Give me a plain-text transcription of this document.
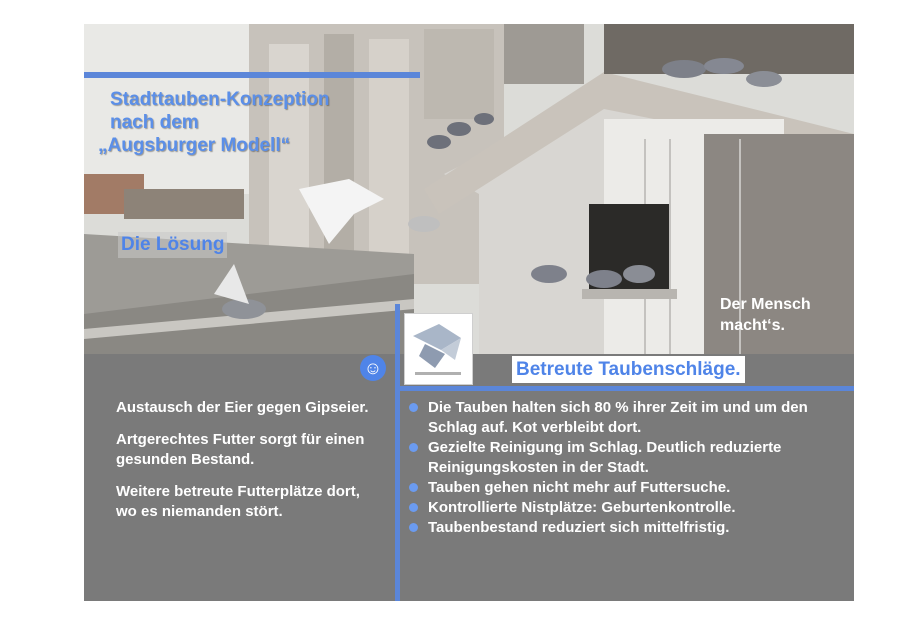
Stadttauben-Konzeption
nach dem
„Augsburger Modell“
Die Lösung
Der Mensch
macht‘s.
☺	Betreute Taubenschläge.

Austausch der Eier gegen Gipseier.

Artgerechtes Futter sorgt für einen gesunden Bestand.

Weitere betreute Futterplätze dort, wo es niemanden stört.

Die Tauben halten sich 80 % ihrer Zeit im und um den Schlag auf. Kot verbleibt dort.
Gezielte Reinigung im Schlag. Deutlich reduzierte Reinigungskosten in der Stadt.
Tauben gehen nicht mehr auf Futtersuche.
Kontrollierte Nistplätze: Geburtenkontrolle.
Taubenbestand reduziert sich mittelfristig.
